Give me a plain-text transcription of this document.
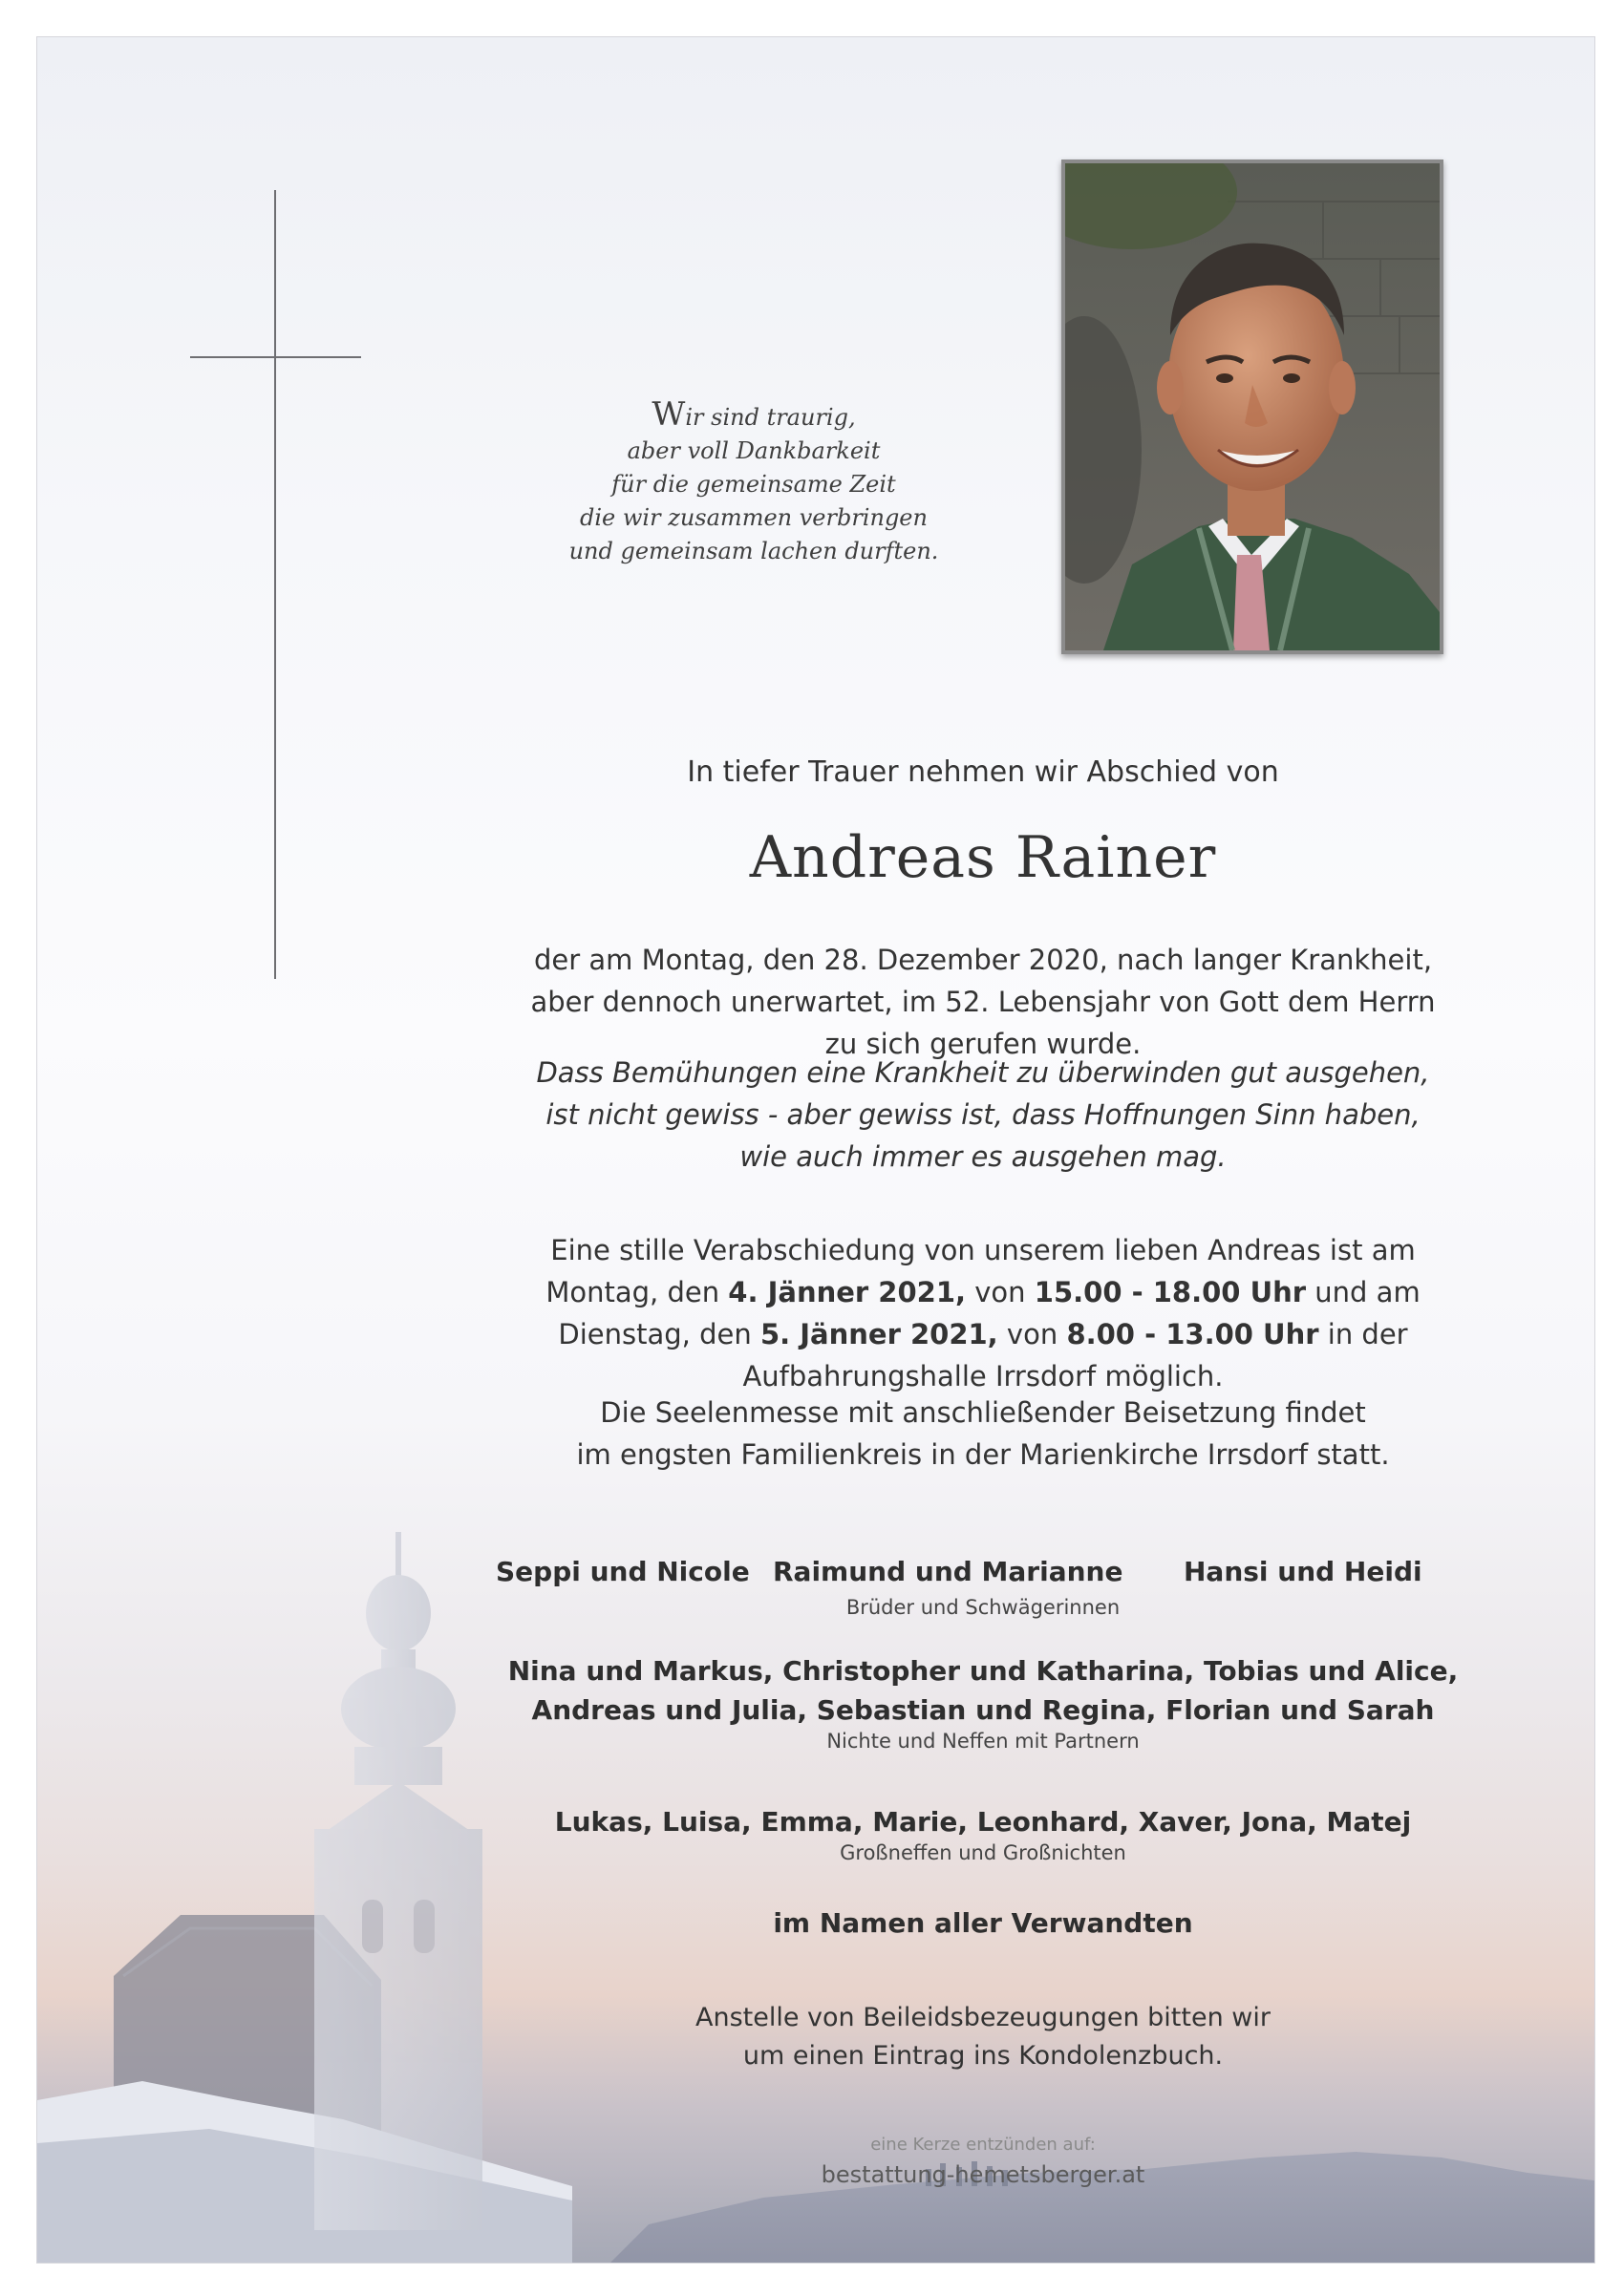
Wir sind traurig,
aber voll Dankbarkeit
für die gemeinsame Zeit
die wir zusammen verbringen
und gemeinsam lachen durften.
In tiefer Trauer nehmen wir Abschied von
Andreas Rainer
der am Montag, den 28. Dezember 2020, nach langer Krankheit,
aber dennoch unerwartet, im 52. Lebensjahr von Gott dem Herrn
zu sich gerufen wurde.
Dass Bemühungen eine Krankheit zu überwinden gut ausgehen,
ist nicht gewiss - aber gewiss ist, dass Hoffnungen Sinn haben,
wie auch immer es ausgehen mag.
Eine stille Verabschiedung von unserem lieben Andreas ist am
Montag, den 4. Jänner 2021, von 15.00 - 18.00 Uhr und am
Dienstag, den 5. Jänner 2021, von 8.00 - 13.00 Uhr in der
Aufbahrungshalle Irrsdorf möglich.
Die Seelenmesse mit anschließender Beisetzung findet
im engsten Familienkreis in der Marienkirche Irrsdorf statt.
Seppi und Nicole Raimund und Marianne Hansi und Heidi
Brüder und Schwägerinnen
Nina und Markus, Christopher und Katharina, Tobias und Alice,
Andreas und Julia, Sebastian und Regina, Florian und Sarah
Nichte und Neffen mit Partnern
Lukas, Luisa, Emma, Marie, Leonhard, Xaver, Jona, Matej
Großneffen und Großnichten
im Namen aller Verwandten
Anstelle von Beileidsbezeugungen bitten wir
um einen Eintrag ins Kondolenzbuch.
eine Kerze entzünden auf:
bestattung-hemetsberger.at
